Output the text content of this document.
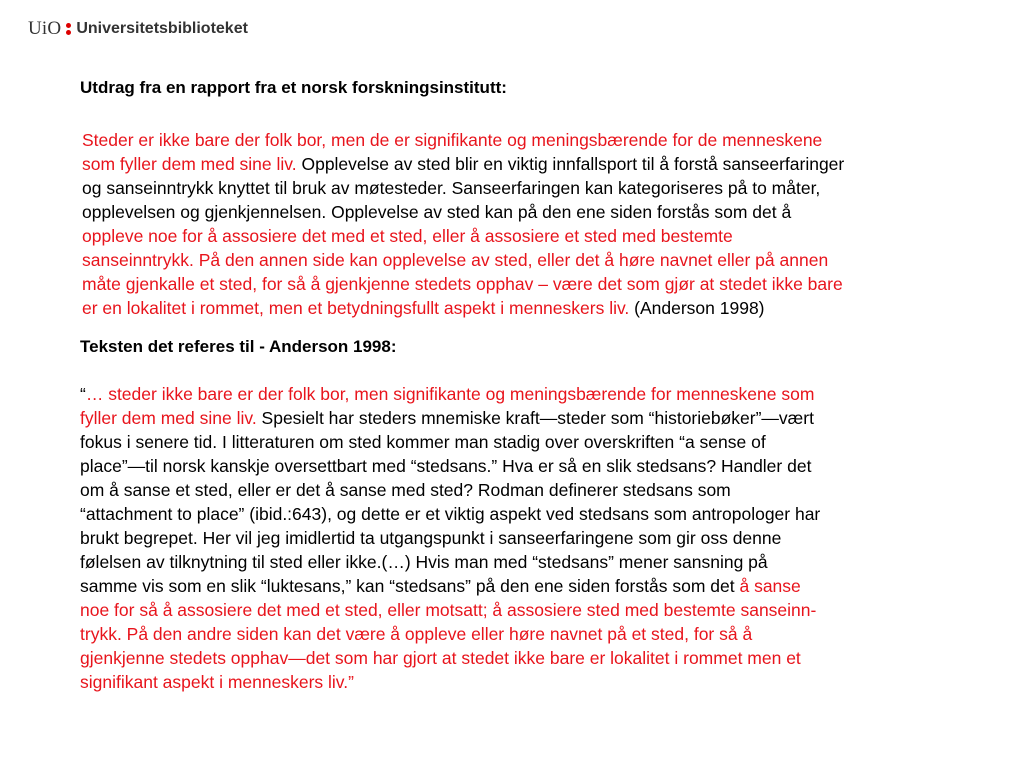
UiO Universitetsbiblioteket
Utdrag fra en rapport fra et norsk forskningsinstitutt:
Steder er ikke bare der folk bor, men de er signifikante og meningsbærende for de menneskene
som fyller dem med sine liv. Opplevelse av sted blir en viktig innfallsport til å forstå sanseerfaringer
og sanseinntrykk knyttet til bruk av møtesteder. Sanseerfaringen kan kategoriseres på to måter,
opplevelsen og gjenkjennelsen. Opplevelse av sted kan på den ene siden forstås som det å
oppleve noe for å assosiere det med et sted, eller å assosiere et sted med bestemte
sanseinntrykk. På den annen side kan opplevelse av sted, eller det å høre navnet eller på annen
måte gjenkalle et sted, for så å gjenkjenne stedets opphav – være det som gjør at stedet ikke bare
er en lokalitet i rommet, men et betydningsfullt aspekt i menneskers liv. (Anderson 1998)
Teksten det referes til - Anderson 1998:
“… steder ikke bare er der folk bor, men signifikante og meningsbærende for menneskene som
fyller dem med sine liv. Spesielt har steders mnemiske kraft—steder som “historiebøker”—vært
fokus i senere tid. I litteraturen om sted kommer man stadig over overskriften “a sense of
place”—til norsk kanskje oversettbart med “stedsans.” Hva er så en slik stedsans? Handler det
om å sanse et sted, eller er det å sanse med sted? Rodman definerer stedsans som
“attachment to place” (ibid.:643), og dette er et viktig aspekt ved stedsans som antropologer har
brukt begrepet. Her vil jeg imidlertid ta utgangspunkt i sanseerfaringene som gir oss denne
følelsen av tilknytning til sted eller ikke.(…) Hvis man med “stedsans” mener sansning på
samme vis som en slik “luktesans,” kan “stedsans” på den ene siden forstås som det å sanse
noe for så å assosiere det med et sted, eller motsatt; å assosiere sted med bestemte sanseinn-
trykk. På den andre siden kan det være å oppleve eller høre navnet på et sted, for så å
gjenkjenne stedets opphav—det som har gjort at stedet ikke bare er lokalitet i rommet men et
signifikant aspekt i menneskers liv.”
